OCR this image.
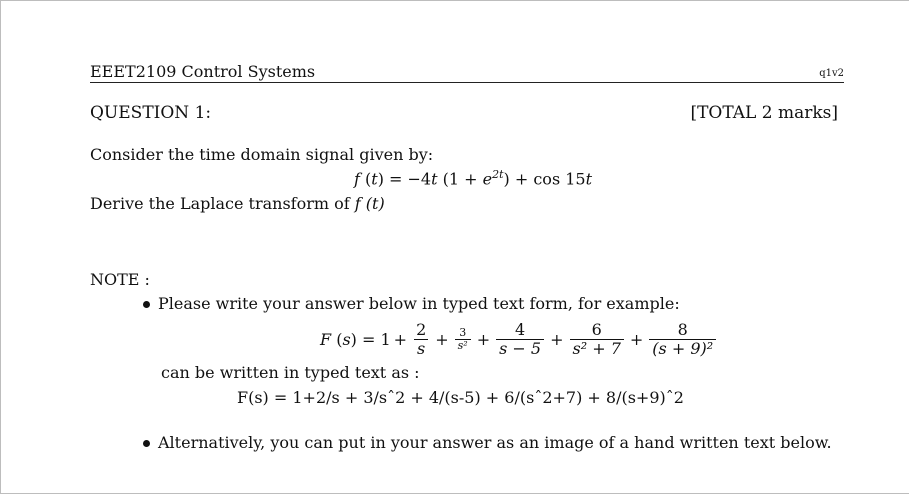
EEET2109 Control Systems	q1v2
QUESTION 1:	[TOTAL 2 marks]
Consider the time domain signal given by:
f (t) = −4t $(1 + e^{2t}) + \cos 15t$
Derive the Laplace transform of f (t)
NOTE :
Please write your answer below in typed text form, for example:
F ( s ) = $1 + \frac{2}{s} + \frac{3}{\text{s²}} + \frac{4}{s - 5} + \frac{6}{\text{s² + 7}} + \frac{8}{\text{(s + 9)²}}$
can be written in typed text as :
F(s) = 1+2/s + 3/sˆ2 + 4/(s-5) + 6/(sˆ2+7) + 8/(s+9)ˆ2
Alternatively, you can put in your answer as an image of a hand written text below.
